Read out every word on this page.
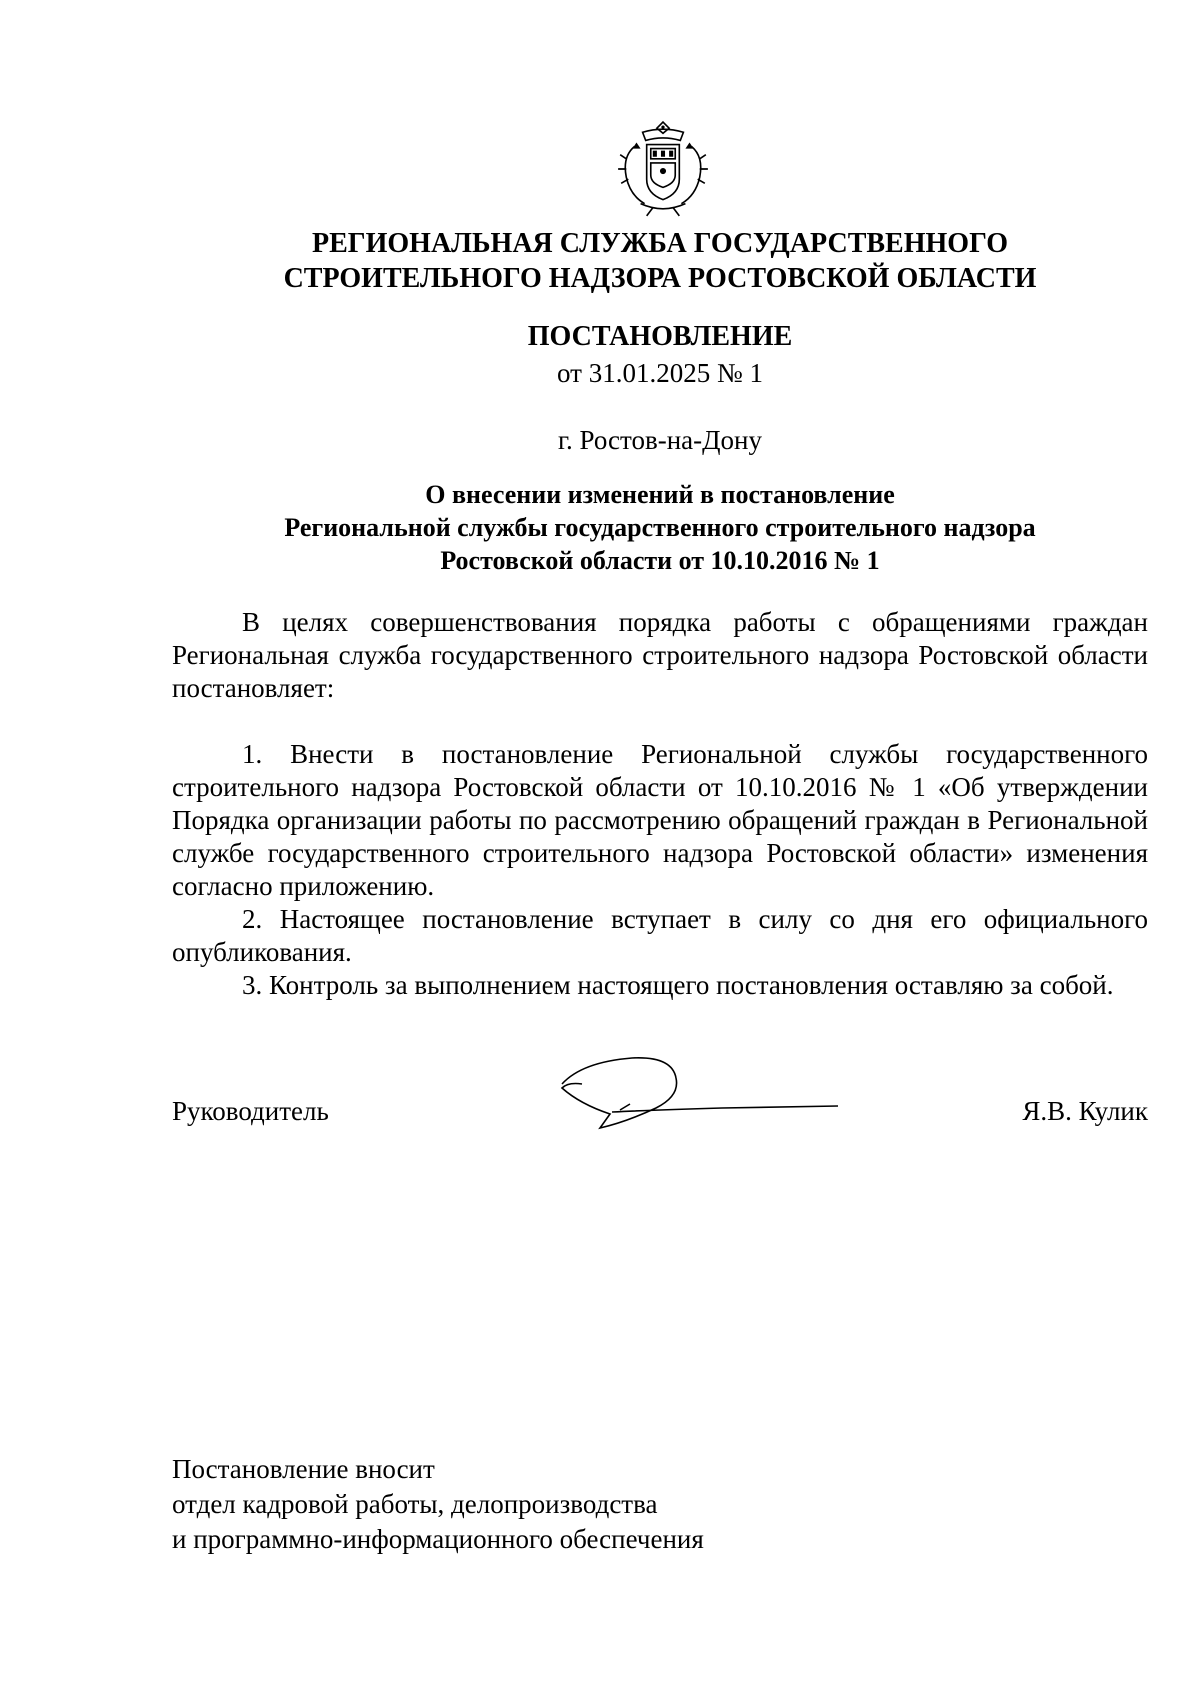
РЕГИОНАЛЬНАЯ СЛУЖБА ГОСУДАРСТВЕННОГО
СТРОИТЕЛЬНОГО НАДЗОРА РОСТОВСКОЙ ОБЛАСТИ
ПОСТАНОВЛЕНИЕ
от 31.01.2025 № 1
г. Ростов-на-Дону
О внесении изменений в постановление
Региональной службы государственного строительного надзора
Ростовской области от 10.10.2016 № 1

В целях совершенствования порядка работы с обращениями граждан Региональная служба государственного строительного надзора Ростовской области постановляет:

1. Внести в постановление Региональной службы государственного строительного надзора Ростовской области от 10.10.2016 № 1 «Об утверждении Порядка организации работы по рассмотрению обращений граждан в Региональной службе государственного строительного надзора Ростовской области» изменения согласно приложению.

2. Настоящее постановление вступает в силу со дня его официального опубликования.

3. Контроль за выполнением настоящего постановления оставляю за собой.

Руководитель	Я.В. Кулик
Постановление вносит
отдел кадровой работы, делопроизводства
и программно-информационного обеспечения
